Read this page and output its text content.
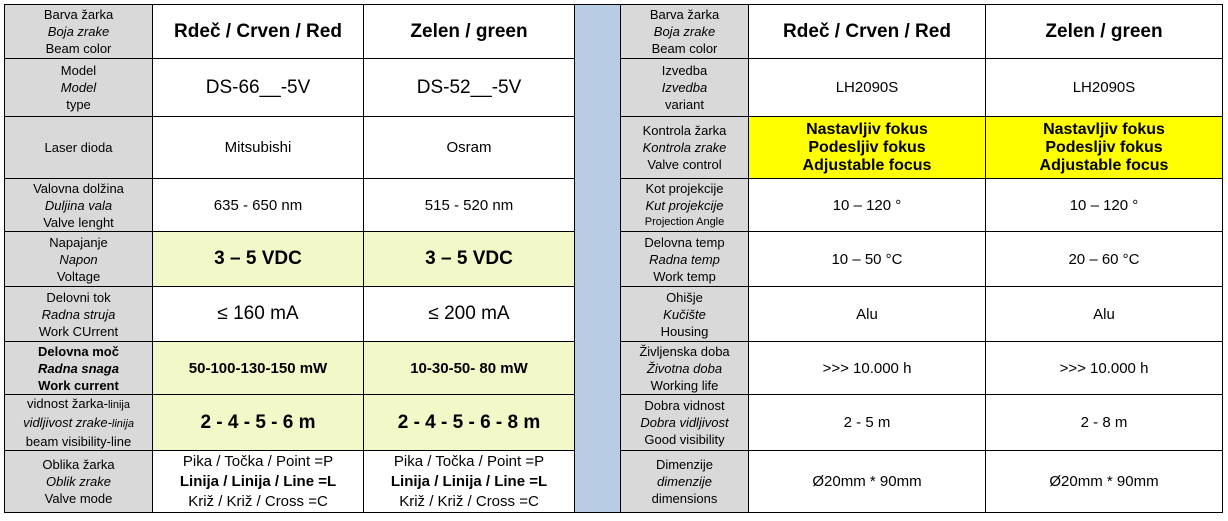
Barva žarka
Boja zrake
Beam color	Rdeč / Crven / Red	Zelen / green		Barva žarka
Boja zrake
Beam color	Rdeč / Crven / Red	Zelen / green

Model
Model
type	DS-66__-5V	DS-52__-5V		Izvedba
Izvedba
variant	LH2090S	LH2090S

Laser dioda	Mitsubishi	Osram		Kontrola žarka
Kontrola zrake
Valve control	Nastavljiv fokus
Podesljiv fokus
Adjustable focus	Nastavljiv fokus
Podesljiv fokus
Adjustable focus

Valovna dolžina
Duljina vala
Valve lenght	635 - 650 nm	515 - 520 nm		Kot projekcije
Kut projekcije
Projection Angle	10 – 120 °	10 – 120 °

Napajanje
Napon
Voltage	3 – 5 VDC	3 – 5 VDC		Delovna temp
Radna temp
Work temp	10 – 50 °C	20 – 60 °C

Delovni tok
Radna struja
Work CUrrent	≤ 160 mA	≤ 200 mA		Ohišje
Kučište
Housing	Alu	Alu

Delovna moč
Radna snaga
Work current	50-100-130-150 mW	10-30-50- 80 mW		Življenska doba
Životna doba
Working life	>>> 10.000 h	>>> 10.000 h

vidnost žarka-linija
vidljivost zrake-linija
beam visibility-line	2 - 4 - 5 - 6 m	2 - 4 - 5 - 6 - 8 m		Dobra vidnost
Dobra vidljivost
Good visibility	2 - 5 m	2 - 8 m

Oblika žarka
Oblik zrake
Valve mode	Pika / Točka / Point =P
Linija / Linija / Line =L
Križ / Križ / Cross =C	Pika / Točka / Point =P
Linija / Linija / Line =L
Križ / Križ / Cross =C		Dimenzije
dimenzije
dimensions	Ø20mm * 90mm	Ø20mm * 90mm
